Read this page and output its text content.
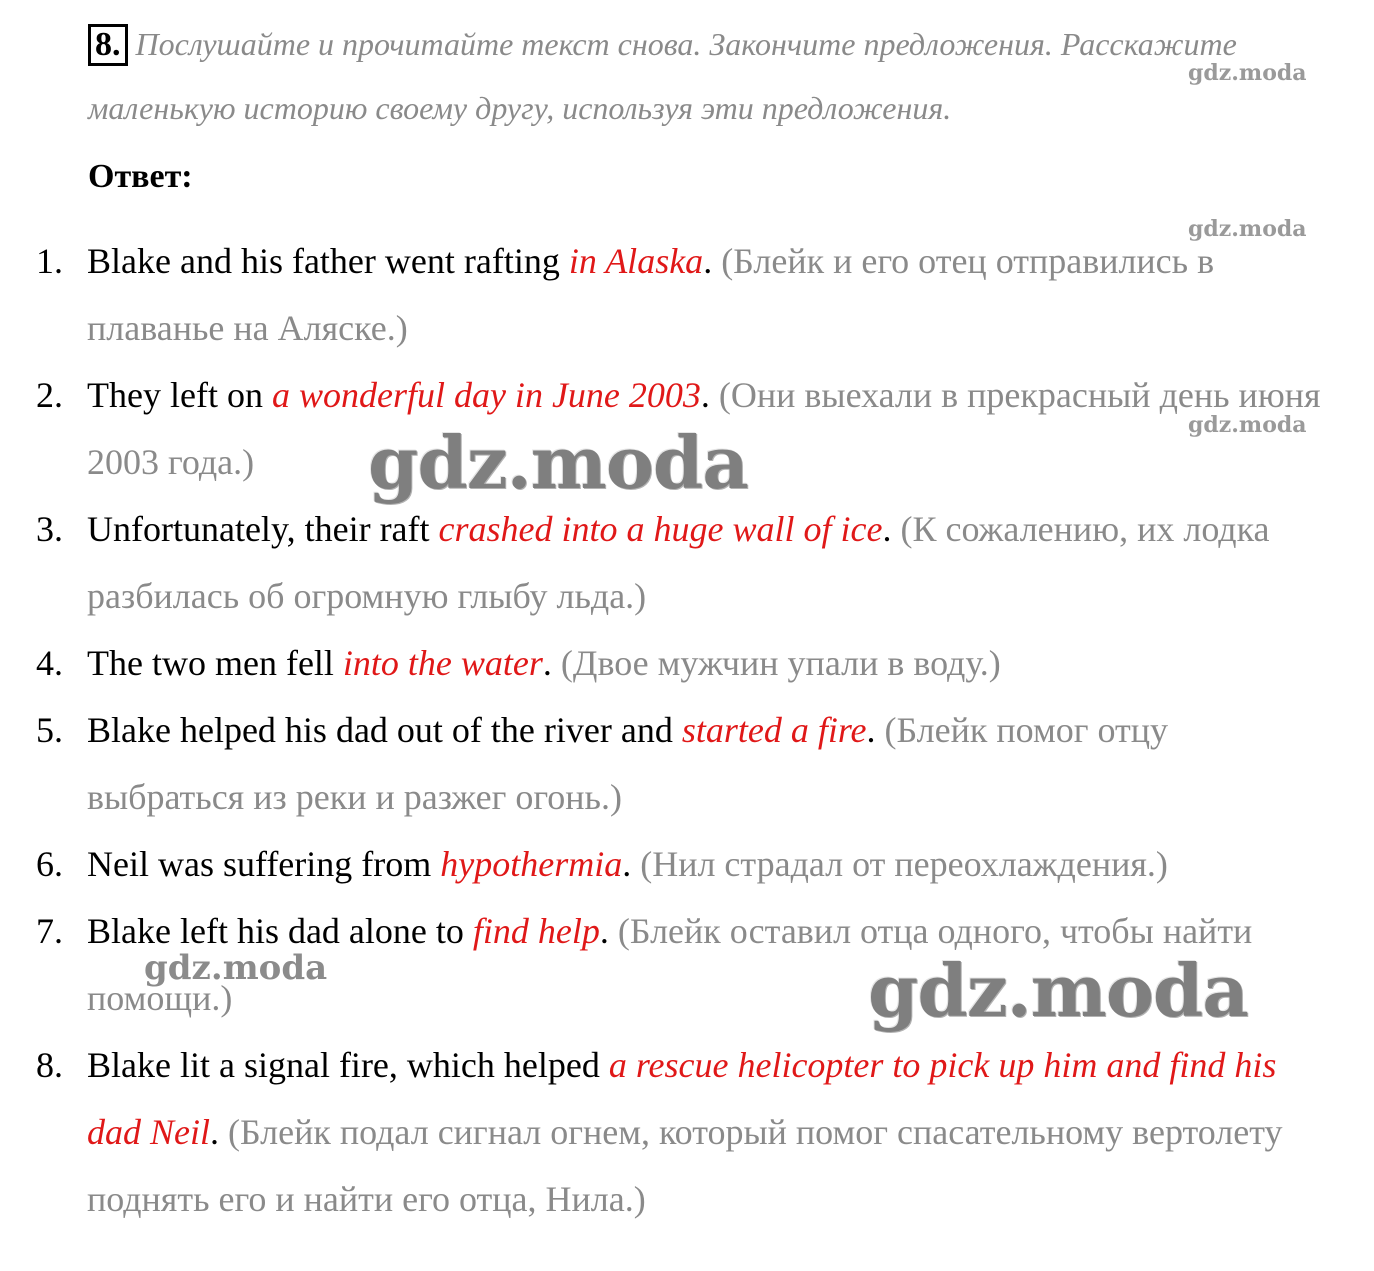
8. Послушайте и прочитайте текст снова. Закончите предложения. Расскажите маленькую историю своему другу, используя эти предложения.
Ответ:
1. Blake and his father went rafting in Alaska. (Блейк и его отец отправились в плаванье на Аляске.)
2. They left on a wonderful day in June 2003. (Они выехали в прекрасный день июня 2003 года.)
3. Unfortunately, their raft crashed into a huge wall of ice. (К сожалению, их лодка разбилась об огромную глыбу льда.)
4. The two men fell into the water. (Двое мужчин упали в воду.)
5. Blake helped his dad out of the river and started a fire. (Блейк помог отцу выбраться из реки и разжег огонь.)
6. Neil was suffering from hypothermia. (Нил страдал от переохлаждения.)
7. Blake left his dad alone to find help. (Блейк оставил отца одного, чтобы найти помощи.)
8. Blake lit a signal fire, which helped a rescue helicopter to pick up him and find his dad Neil. (Блейк подал сигнал огнем, который помог спасательному вертолету поднять его и найти его отца, Нила.)
gdz.moda
gdz.moda
gdz.moda
gdz.moda
gdz.moda	gdz.moda
